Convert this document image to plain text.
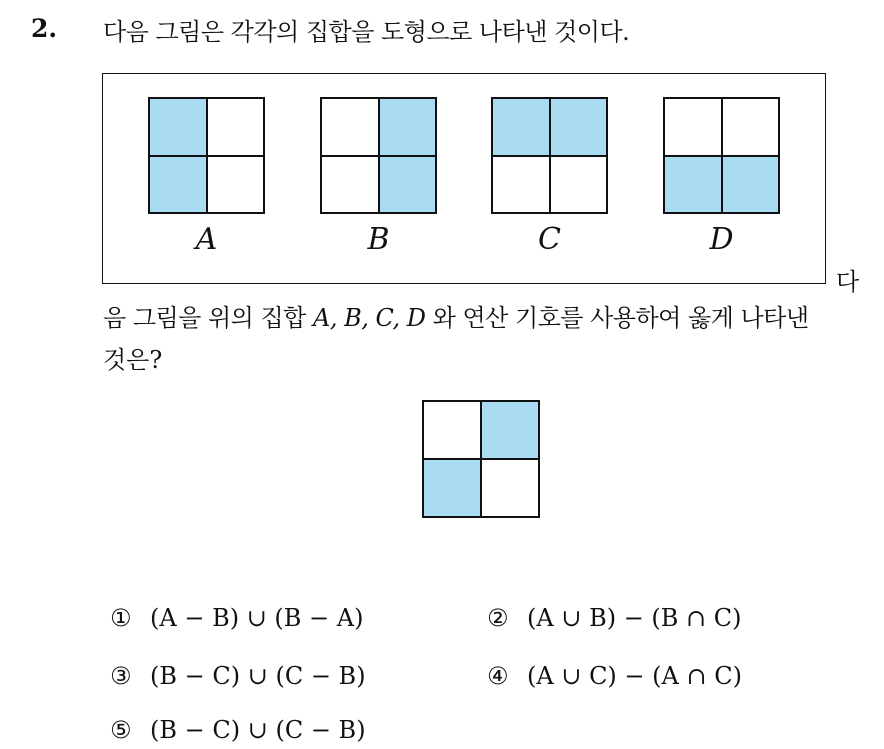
2. 다음 그림은 각각의 집합을 도형으로 나타낸 것이다.
A	B	C	D
다
음 그림을 위의 집합 A, B, C, D 와 연산 기호를 사용하여 옳게 나타낸
것은?
① (A − B) ∪ (B − A)	② (A ∪ B) − (B ∩ C)
③ (B − C) ∪ (C − B)	④ (A ∪ C) − (A ∩ C)
⑤ (B − C) ∪ (C − B)
